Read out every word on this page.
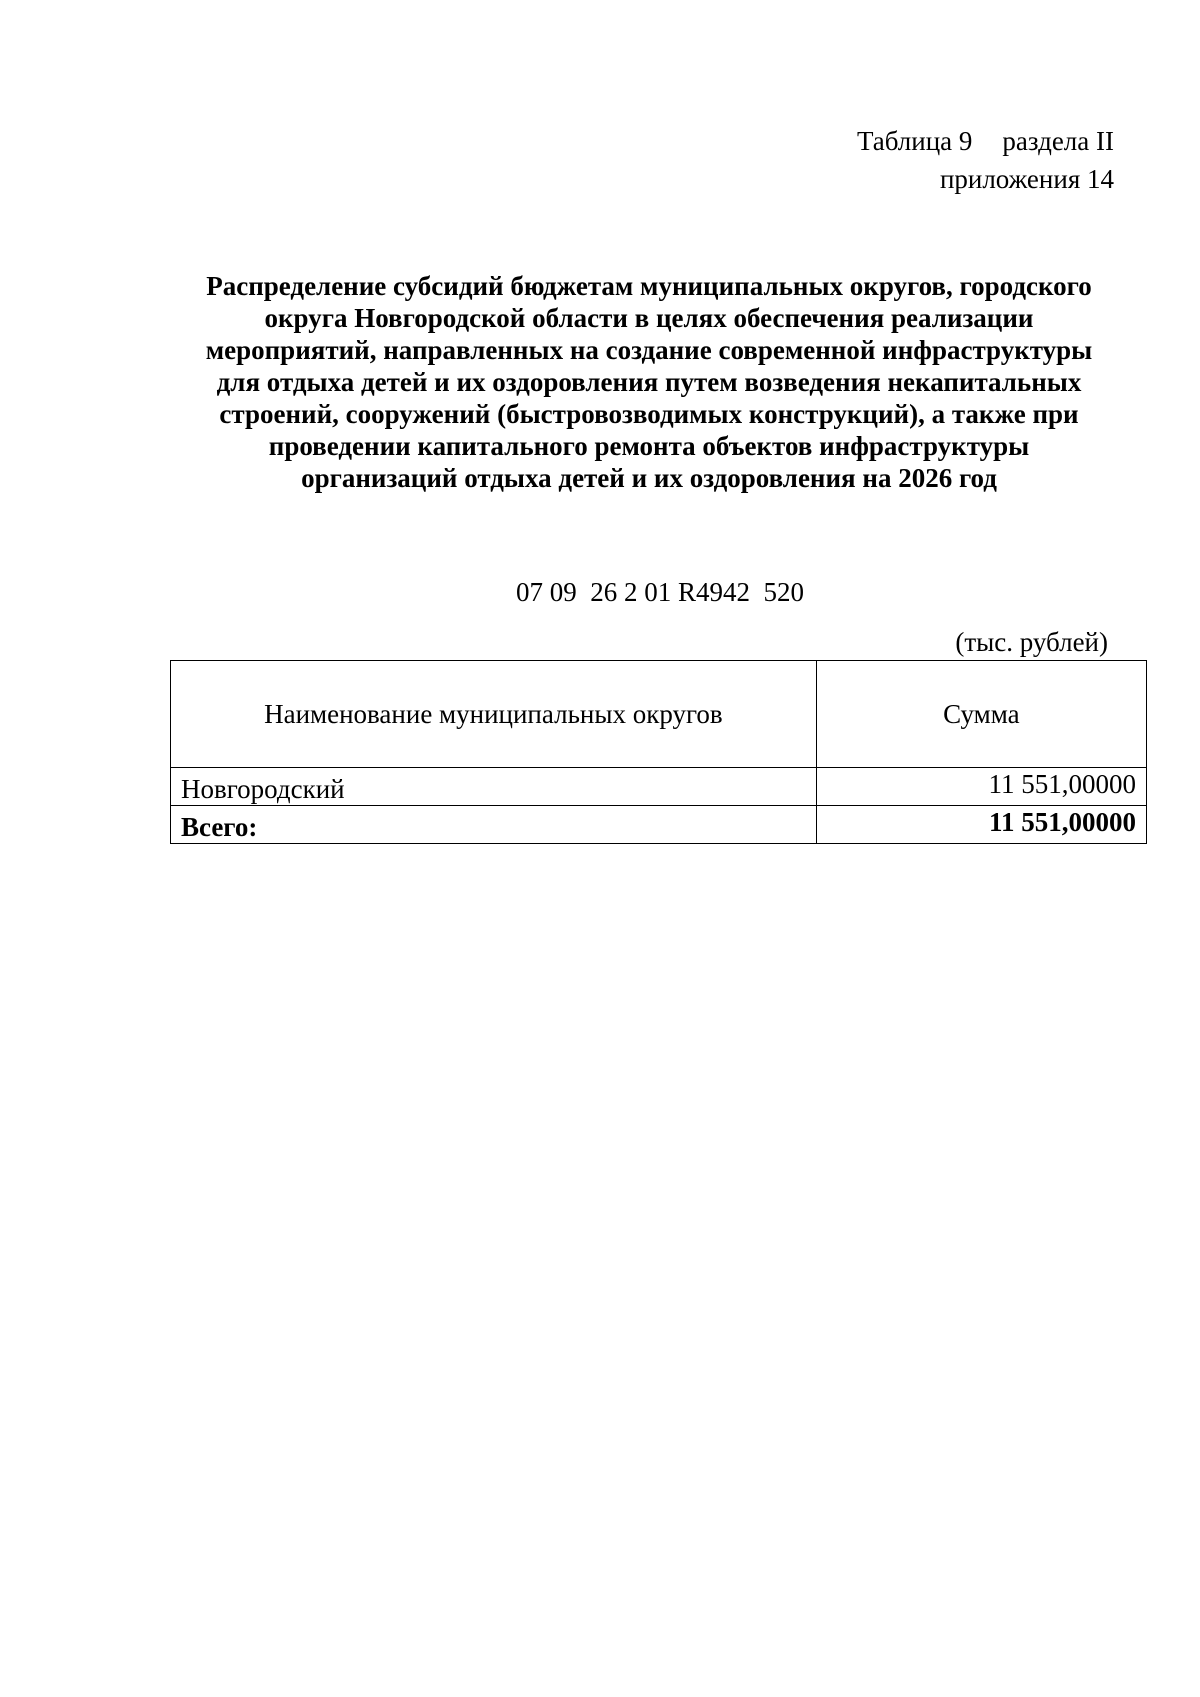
Таблица 9 раздела II
приложения 14
Распределение субсидий бюджетам муниципальных округов, городского
округа Новгородской области в целях обеспечения реализации
мероприятий, направленных на создание современной инфраструктуры
для отдыха детей и их оздоровления путем возведения некапитальных
строений, сооружений (быстровозводимых конструкций), а также при
проведении капитального ремонта объектов инфраструктуры
организаций отдыха детей и их оздоровления на 2026 год
07 09  26 2 01 R4942  520
(тыс. рублей)
Наименование муниципальных округов	Сумма
Новгородский	11 551,00000
Всего:	11 551,00000
